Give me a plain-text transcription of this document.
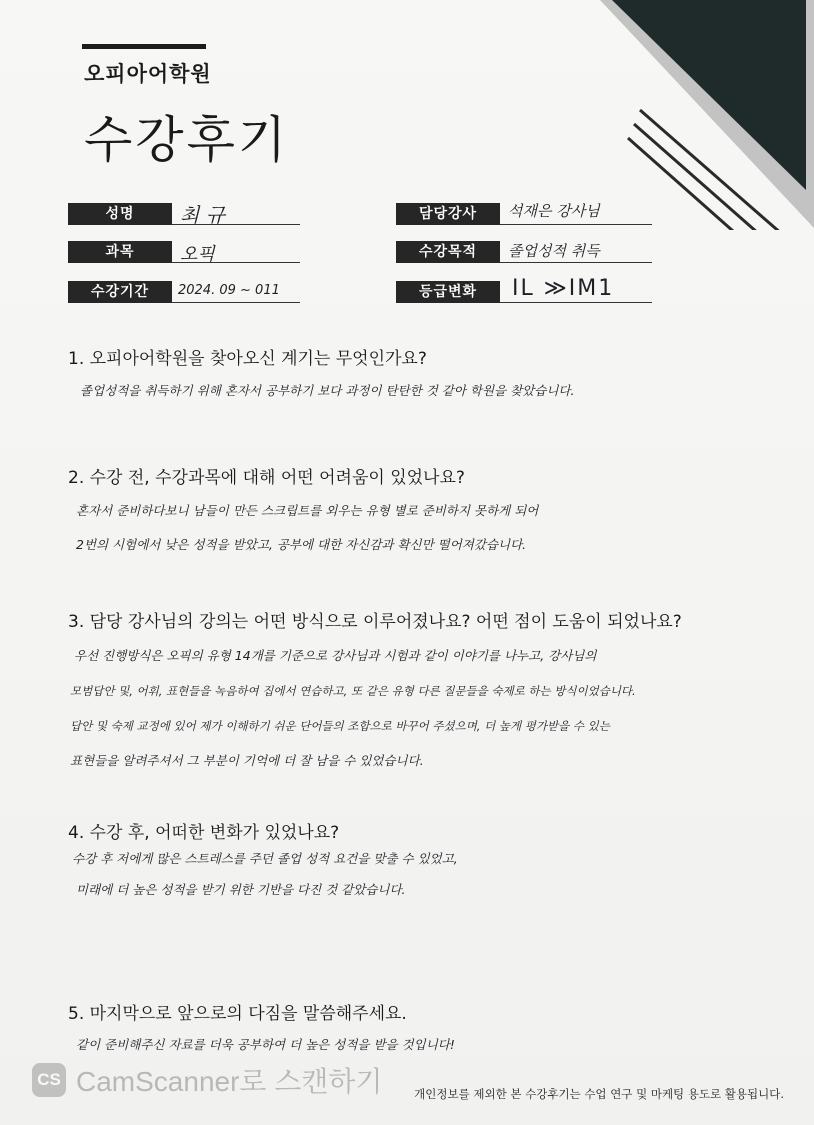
오피아어학원
수강후기
성명	최 규
과목	오픽
수강기간	2024. 09 ~ 011
담당강사	석재은 강사님
수강목적	졸업성적 취득
등급변화	IL ≫IM1
1. 오피아어학원을 찾아오신 계기는 무엇인가요?
졸업성적을 취득하기 위해 혼자서 공부하기 보다 과정이 탄탄한 것 같아 학원을 찾았습니다.
2. 수강 전, 수강과목에 대해 어떤 어려움이 있었나요?
혼자서 준비하다보니 남들이 만든 스크립트를 외우는 유형 별로 준비하지 못하게 되어
2번의 시험에서 낮은 성적을 받았고, 공부에 대한 자신감과 확신만 떨어져갔습니다.
3. 담당 강사님의 강의는 어떤 방식으로 이루어졌나요? 어떤 점이 도움이 되었나요?
우선 진행방식은 오픽의 유형 14개를 기준으로 강사님과 시험과 같이 이야기를 나누고, 강사님의
모범답안 및, 어휘, 표현들을 녹음하여 집에서 연습하고, 또 같은 유형 다른 질문들을 숙제로 하는 방식이었습니다.
답안 및 숙제 교정에 있어 제가 이해하기 쉬운 단어들의 조합으로 바꾸어 주셨으며, 더 높게 평가받을 수 있는
표현들을 알려주셔서 그 부분이 기억에 더 잘 남을 수 있었습니다.
4. 수강 후, 어떠한 변화가 있었나요?
수강 후 저에게 많은 스트레스를 주던 졸업 성적 요건을 맞출 수 있었고,
미래에 더 높은 성적을 받기 위한 기반을 다진 것 같았습니다.
5. 마지막으로 앞으로의 다짐을 말씀해주세요.
같이 준비해주신 자료를 더욱 공부하여 더 높은 성적을 받을 것입니다!
CS CamScanner로 스캔하기	개인정보를 제외한 본 수강후기는 수업 연구 및 마케팅 용도로 활용됩니다.
